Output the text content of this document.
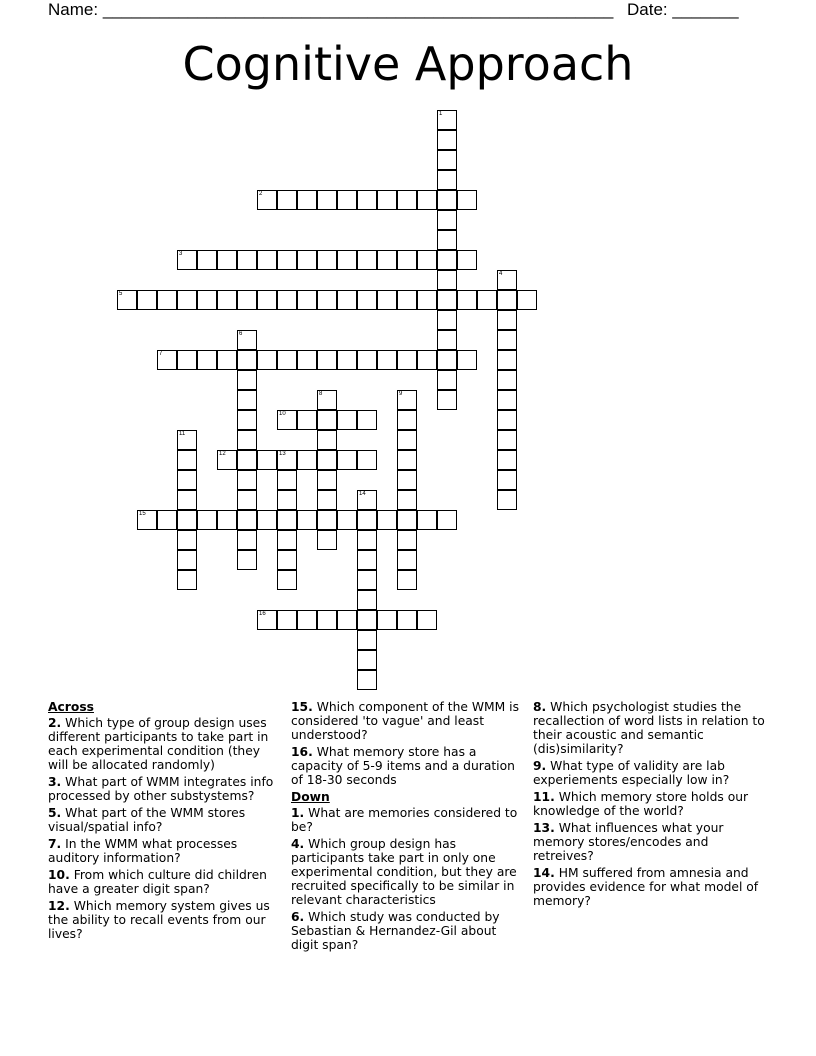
Name: ______________________________________________________ Date: _______
Cognitive Approach
1
2
3
4
5
6
7
8	9
10
11
12	13
14
15
16
Across
2. Which type of group design uses different participants to take part in each experimental condition (they will be allocated randomly)
3. What part of WMM integrates info processed by other substystems?
5. What part of the WMM stores visual/spatial info?
7. In the WMM what processes auditory information?
10. From which culture did children have a greater digit span?
12. Which memory system gives us the ability to recall events from our lives?
15. Which component of the WMM is considered 'to vague' and least understood?
16. What memory store has a capacity of 5-9 items and a duration of 18-30 seconds
Down
1. What are memories considered to be?
4. Which group design has participants take part in only one experimental condition, but they are recruited specifically to be similar in relevant characteristics
6. Which study was conducted by Sebastian & Hernandez-Gil about digit span?
8. Which psychologist studies the recallection of word lists in relation to their acoustic and semantic (dis)similarity?
9. What type of validity are lab experiements especially low in?
11. Which memory store holds our knowledge of the world?
13. What influences what your memory stores/encodes and retreives?
14. HM suffered from amnesia and provides evidence for what model of memory?
